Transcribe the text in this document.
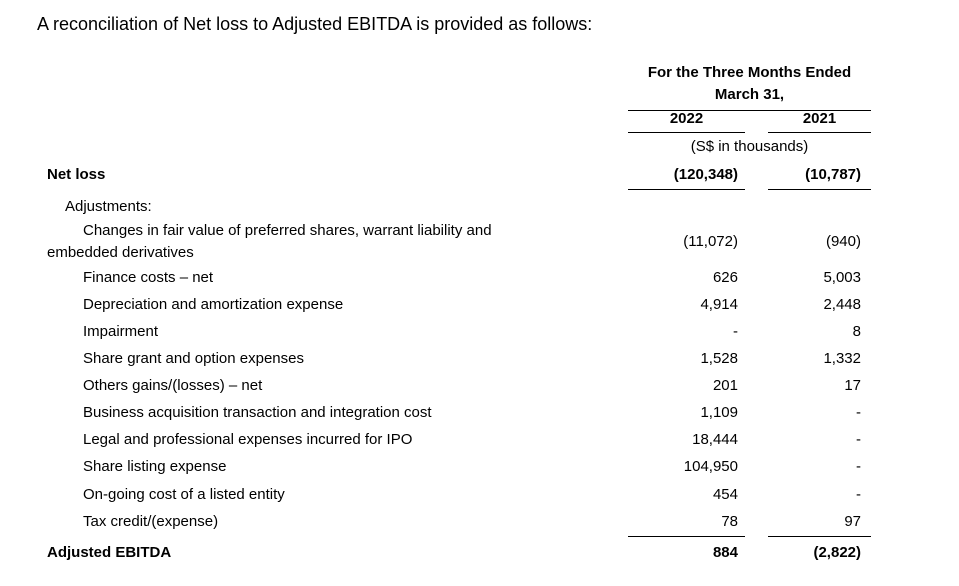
A reconciliation of Net loss to Adjusted EBITDA is provided as follows:
For the Three Months Ended
March 31,
2022	2021
(S$ in thousands)
Net loss	(120,348)	(10,787)
Adjustments:
Changes in fair value of preferred shares, warrant liability and
embedded derivatives
(11,072)	(940)
Finance costs – net	626	5,003
Depreciation and amortization expense	4,914	2,448
Impairment	-	8
Share grant and option expenses	1,528	1,332
Others gains/(losses) – net	201	17
Business acquisition transaction and integration cost	1,109	-
Legal and professional expenses incurred for IPO	18,444	-
Share listing expense	104,950	-
On-going cost of a listed entity	454	-
Tax credit/(expense)	78	97
Adjusted EBITDA	884	(2,822)
